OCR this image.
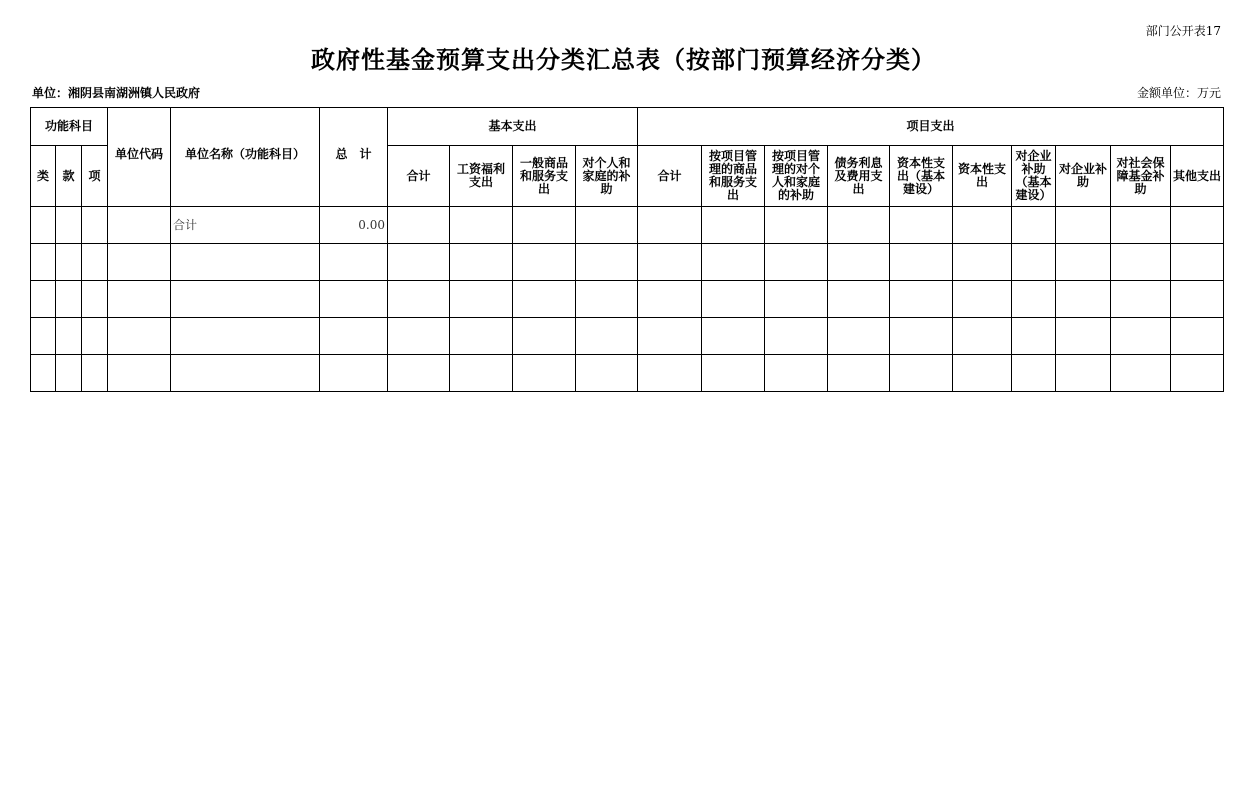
部门公开表17
政府性基金预算支出分类汇总表（按部门预算经济分类）
单位：湘阴县南湖洲镇人民政府	金额单位：万元
功能科目			单位代码	单位名称（功能科目）	总　计	基本支出				项目支出									
类	款	项				合计	工资福利支出	一般商品和服务支出	对个人和家庭的补助	合计	按项目管理的商品和服务支出	按项目管理的对个人和家庭的补助	债务利息及费用支出	资本性支出（基本建设）	资本性支出	对企业补助（基本建设）	对企业补助	对社会保障基金补助	其他支出
				合计	0.00														
